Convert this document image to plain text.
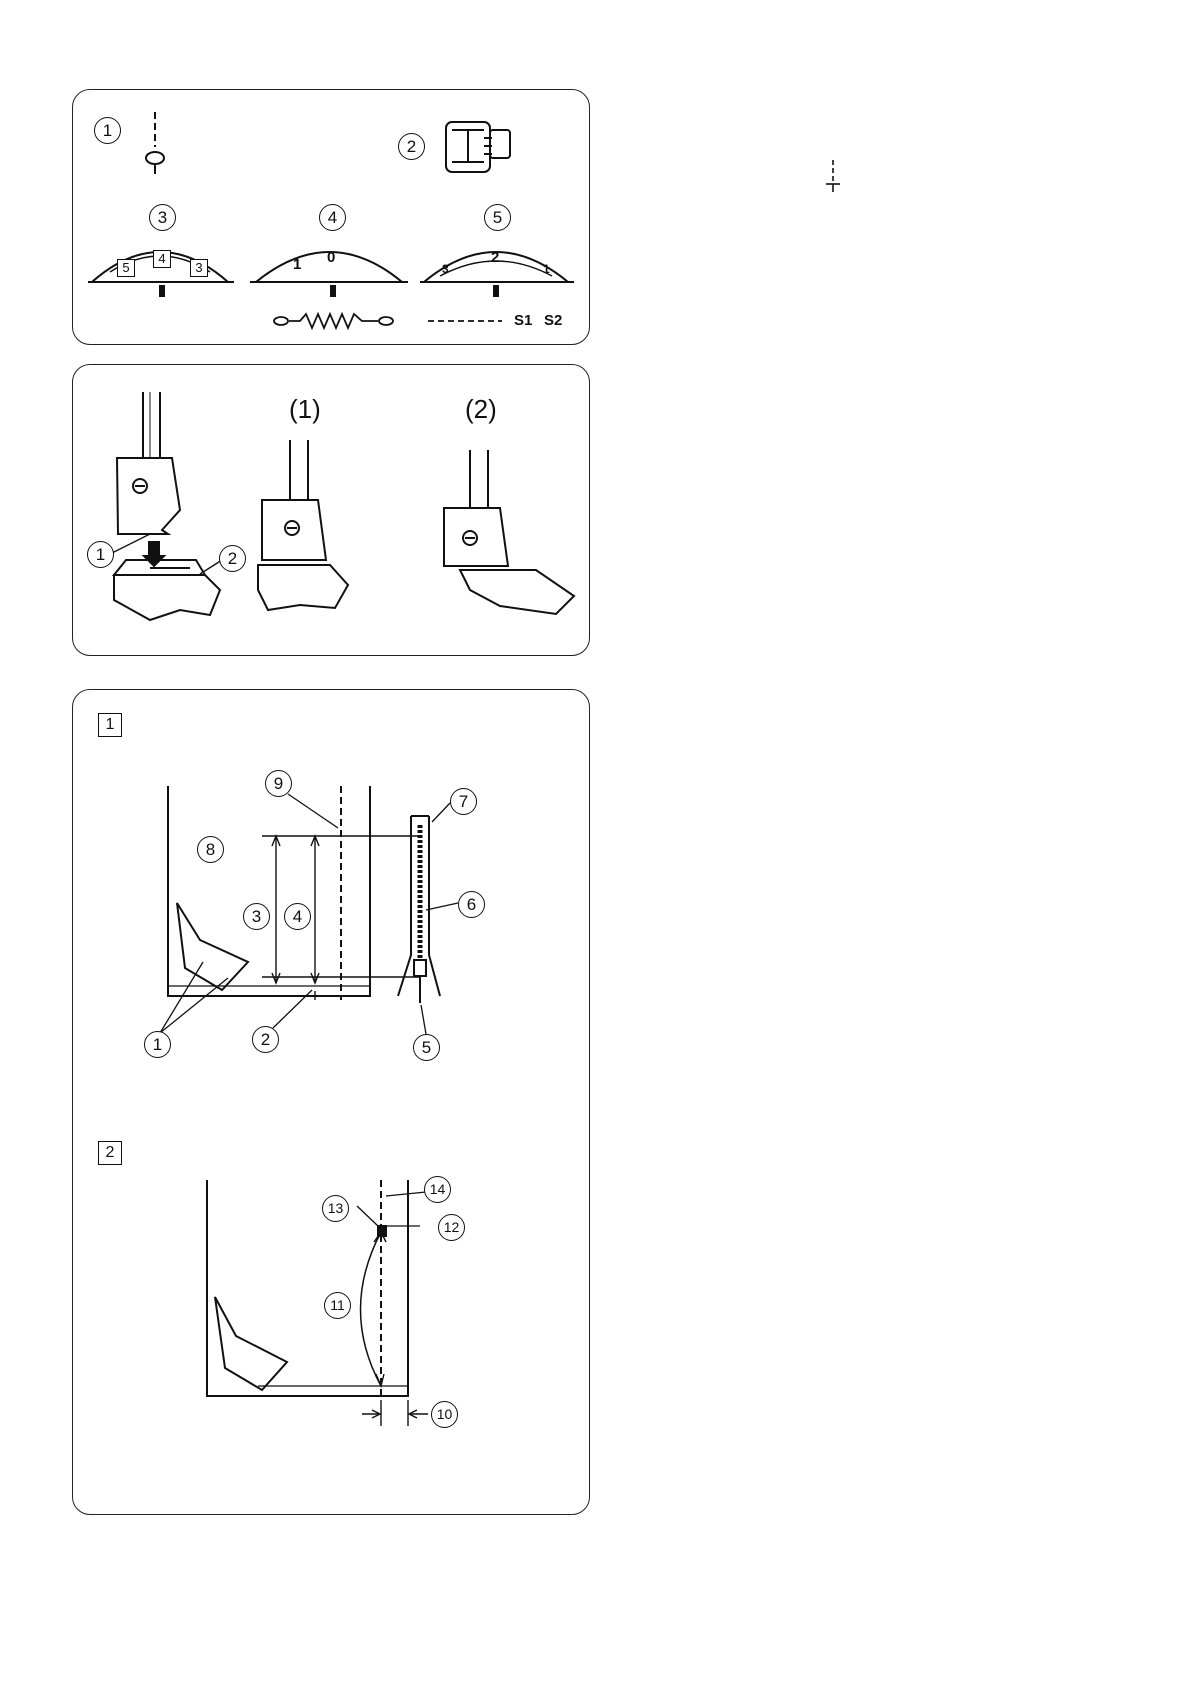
1
2
3	4	5
5
4
3	1 0
3
2
1
S1 S2
(1)	(2)
1	2
1
2
9
7
8
3	4
6
1	2	5
14
13
12
11
10
